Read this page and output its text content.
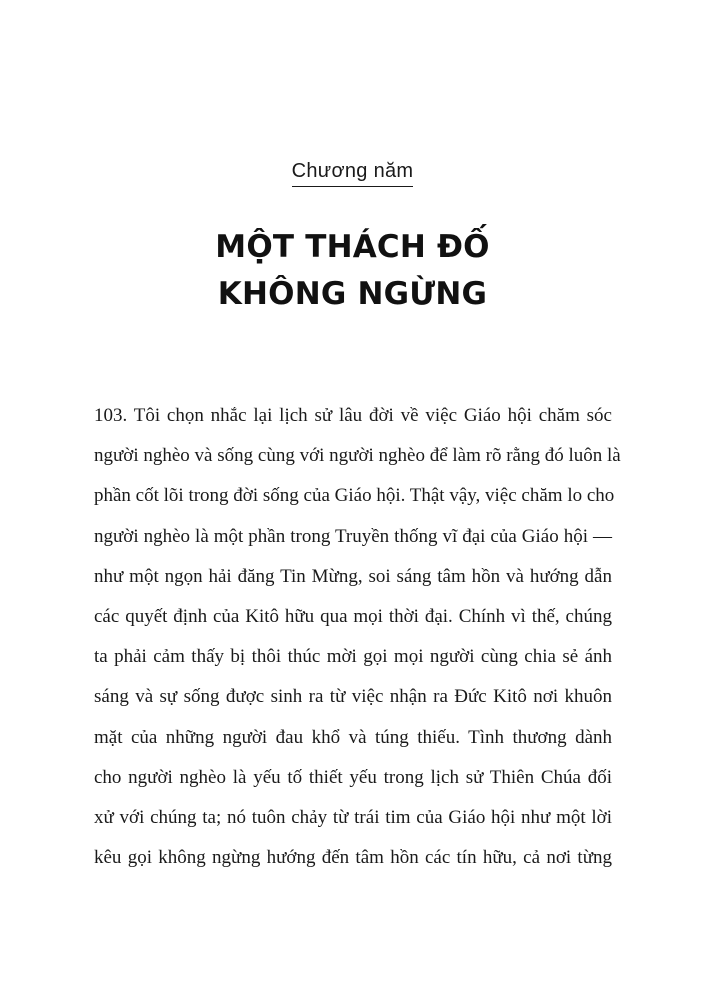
Chương năm
MỘT THÁCH ĐỐ
KHÔNG NGỪNG
103. Tôi chọn nhắc lại lịch sử lâu đời về việc Giáo hội chăm sóc
người nghèo và sống cùng với người nghèo để làm rõ rằng đó luôn là
phần cốt lõi trong đời sống của Giáo hội. Thật vậy, việc chăm lo cho
người nghèo là một phần trong Truyền thống vĩ đại của Giáo hội —
như một ngọn hải đăng Tin Mừng, soi sáng tâm hồn và hướng dẫn
các quyết định của Kitô hữu qua mọi thời đại. Chính vì thế, chúng
ta phải cảm thấy bị thôi thúc mời gọi mọi người cùng chia sẻ ánh
sáng và sự sống được sinh ra từ việc nhận ra Đức Kitô nơi khuôn
mặt của những người đau khổ và túng thiếu. Tình thương dành
cho người nghèo là yếu tố thiết yếu trong lịch sử Thiên Chúa đối
xử với chúng ta; nó tuôn chảy từ trái tim của Giáo hội như một lời
kêu gọi không ngừng hướng đến tâm hồn các tín hữu, cả nơi từng
